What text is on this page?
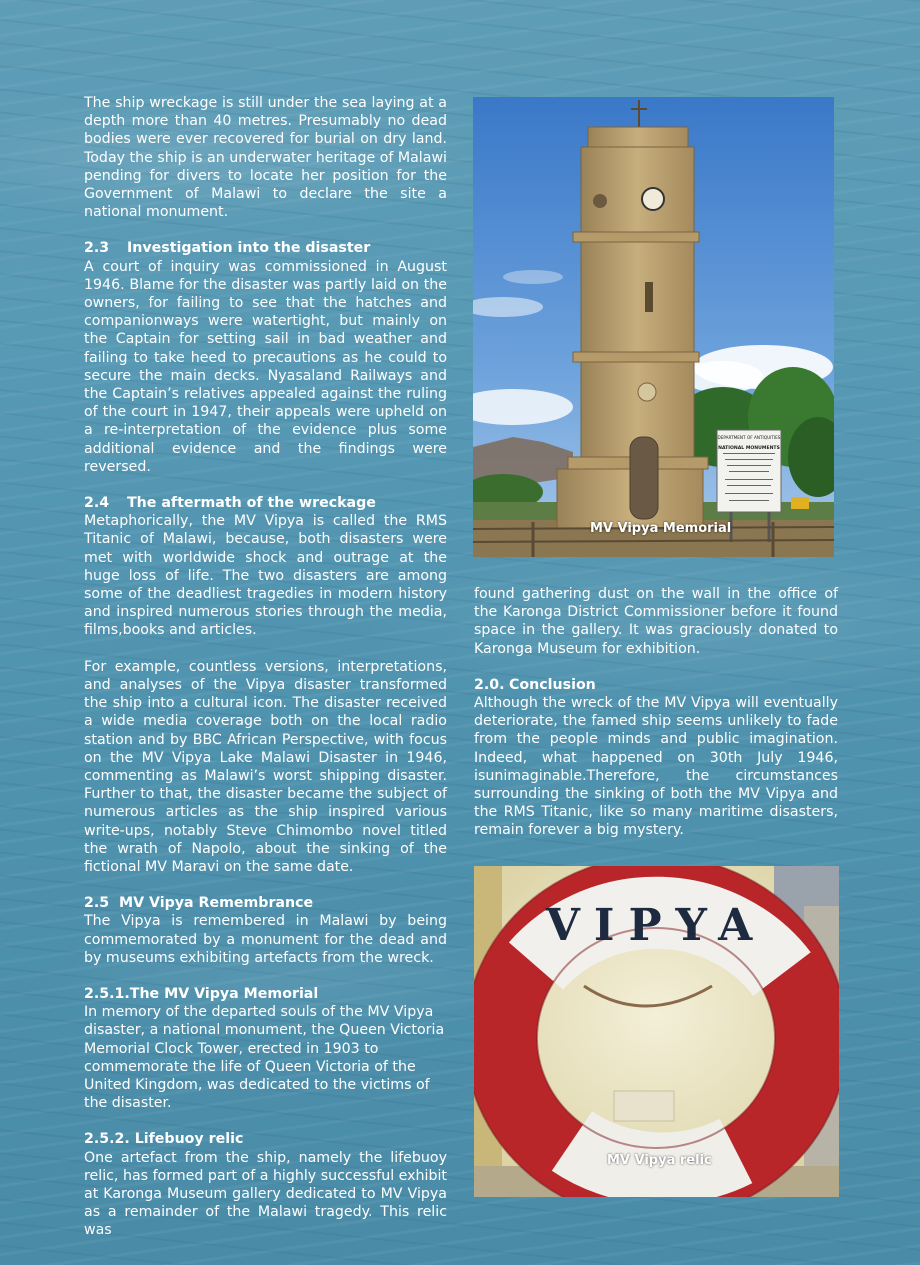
The ship wreckage is still under the sea laying at a depth more than 40 metres. Presumably no dead bodies were ever recovered for burial on dry land. Today the ship is an underwater heritage of Malawi pending for divers to locate her position for the Government of Malawi to declare the site a national monument.

2.3 Investigation into the disaster

A court of inquiry was commissioned in August 1946. Blame for the disaster was partly laid on the owners, for failing to see that the hatches and companionways were watertight, but mainly on the Captain for setting sail in bad weather and failing to take heed to precautions as he could to secure the main decks. Nyasaland Railways and the Captain’s relatives appealed against the ruling of the court in 1947, their appeals were upheld on a re-interpretation of the evidence plus some additional evidence and the findings were reversed.

2.4 The aftermath of the wreckage

Metaphorically, the MV Vipya is called the RMS Titanic of Malawi, because, both disasters were met with worldwide shock and outrage at the huge loss of life. The two disasters are among some of the deadliest tragedies in modern history and inspired numerous stories through the media, films,books and articles.

For example, countless versions, interpretations, and analyses of the Vipya disaster transformed the ship into a cultural icon. The disaster received a wide media coverage both on the local radio station and by BBC African Perspective, with focus on the MV Vipya Lake Malawi Disaster in 1946, commenting as Malawi’s worst shipping disaster. Further to that, the disaster became the subject of numerous articles as the ship inspired various write-ups, notably Steve Chimombo novel titled the wrath of Napolo, about the sinking of the fictional MV Maravi on the same date.

2.5 MV Vipya Remembrance

The Vipya is remembered in Malawi by being commemorated by a monument for the dead and by museums exhibiting artefacts from the wreck.

2.5.1.The MV Vipya Memorial

In memory of the departed souls of the MV Vipya disaster, a national monument, the Queen Victoria Memorial Clock Tower, erected in 1903 to commemorate the life of Queen Victoria of the United Kingdom, was dedicated to the victims of the disaster.

2.5.2. Lifebuoy relic

One artefact from the ship, namely the lifebuoy relic, has formed part of a highly successful exhibit at Karonga Museum gallery dedicated to MV Vipya as a remainder of the Malawi tragedy. This relic was

DEPARTMENT OF ANTIQUITIES
NATIONAL MONUMENTS
MV Vipya Memorial

found gathering dust on the wall in the office of the Karonga District Commissioner before it found space in the gallery. It was graciously donated to Karonga Museum for exhibition.

2.0. Conclusion

Although the wreck of the MV Vipya will eventually deteriorate, the famed ship seems unlikely to fade from the people minds and public imagination. Indeed, what happened on 30th July 1946, isunimaginable.Therefore, the circumstances surrounding the sinking of both the MV Vipya and the RMS Titanic, like so many maritime disasters, remain forever a big mystery.

VIPYA
MV Vipya relic
